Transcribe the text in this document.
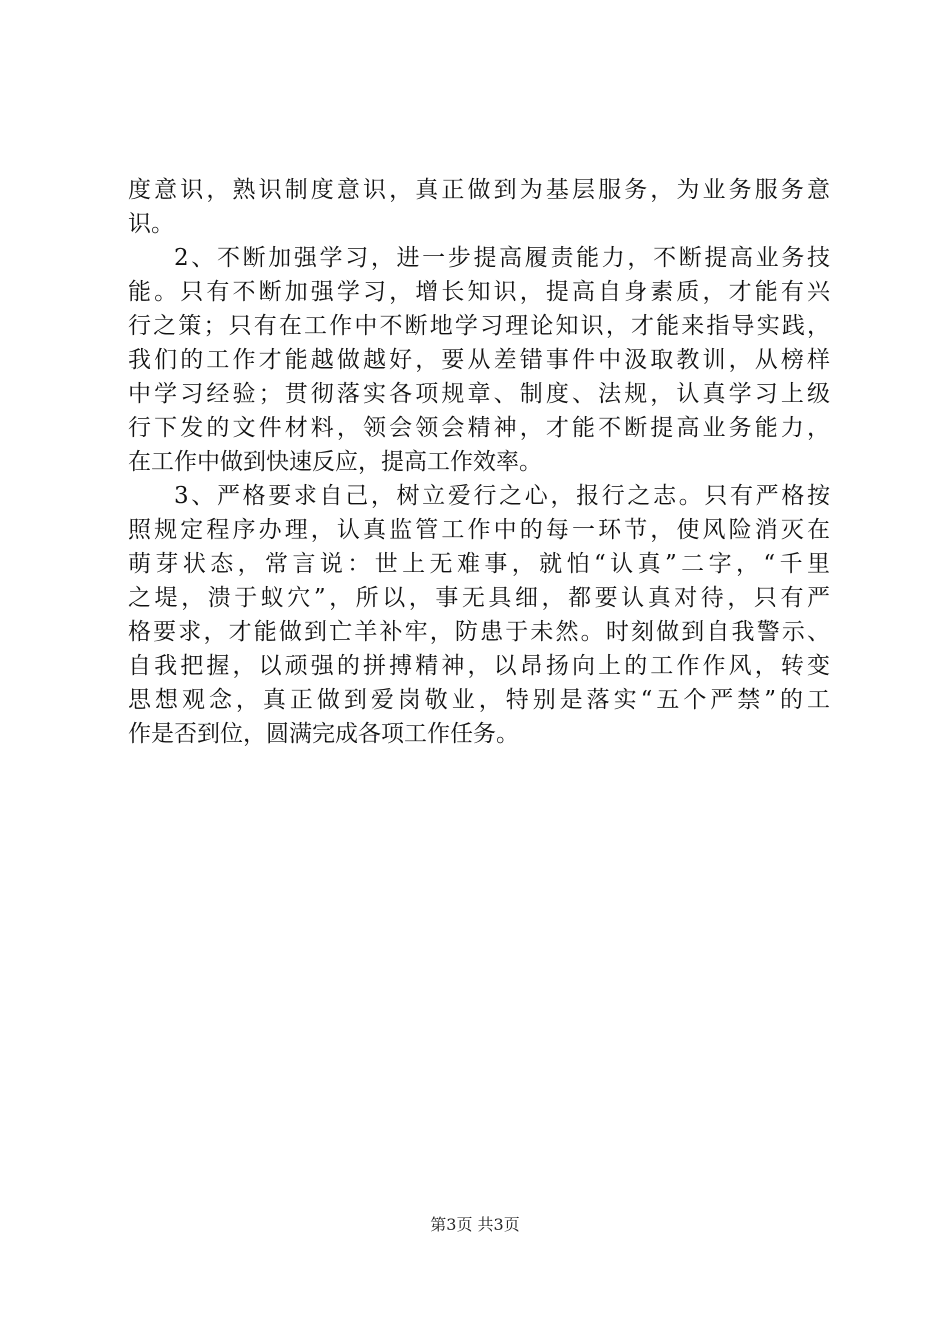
度意识，熟识制度意识，真正做到为基层服务，为业务服务意
识。
2、不断加强学习，进一步提高履责能力，不断提高业务技
能。只有不断加强学习，增长知识，提高自身素质，才能有兴
行之策；只有在工作中不断地学习理论知识，才能来指导实践，
我们的工作才能越做越好，要从差错事件中汲取教训，从榜样
中学习经验；贯彻落实各项规章、制度、法规，认真学习上级
行下发的文件材料，领会领会精神，才能不断提高业务能力，
在工作中做到快速反应，提高工作效率。
3、严格要求自己，树立爱行之心，报行之志。只有严格按
照规定程序办理，认真监管工作中的每一环节，使风险消灭在
萌芽状态，常言说：世上无难事，就怕“认真”二字，“千里
之堤，溃于蚁穴”，所以，事无具细，都要认真对待，只有严
格要求，才能做到亡羊补牢，防患于未然。时刻做到自我警示、
自我把握，以顽强的拼搏精神，以昂扬向上的工作作风，转变
思想观念，真正做到爱岗敬业，特别是落实“五个严禁”的工
作是否到位，圆满完成各项工作任务。
第3页 共3页
